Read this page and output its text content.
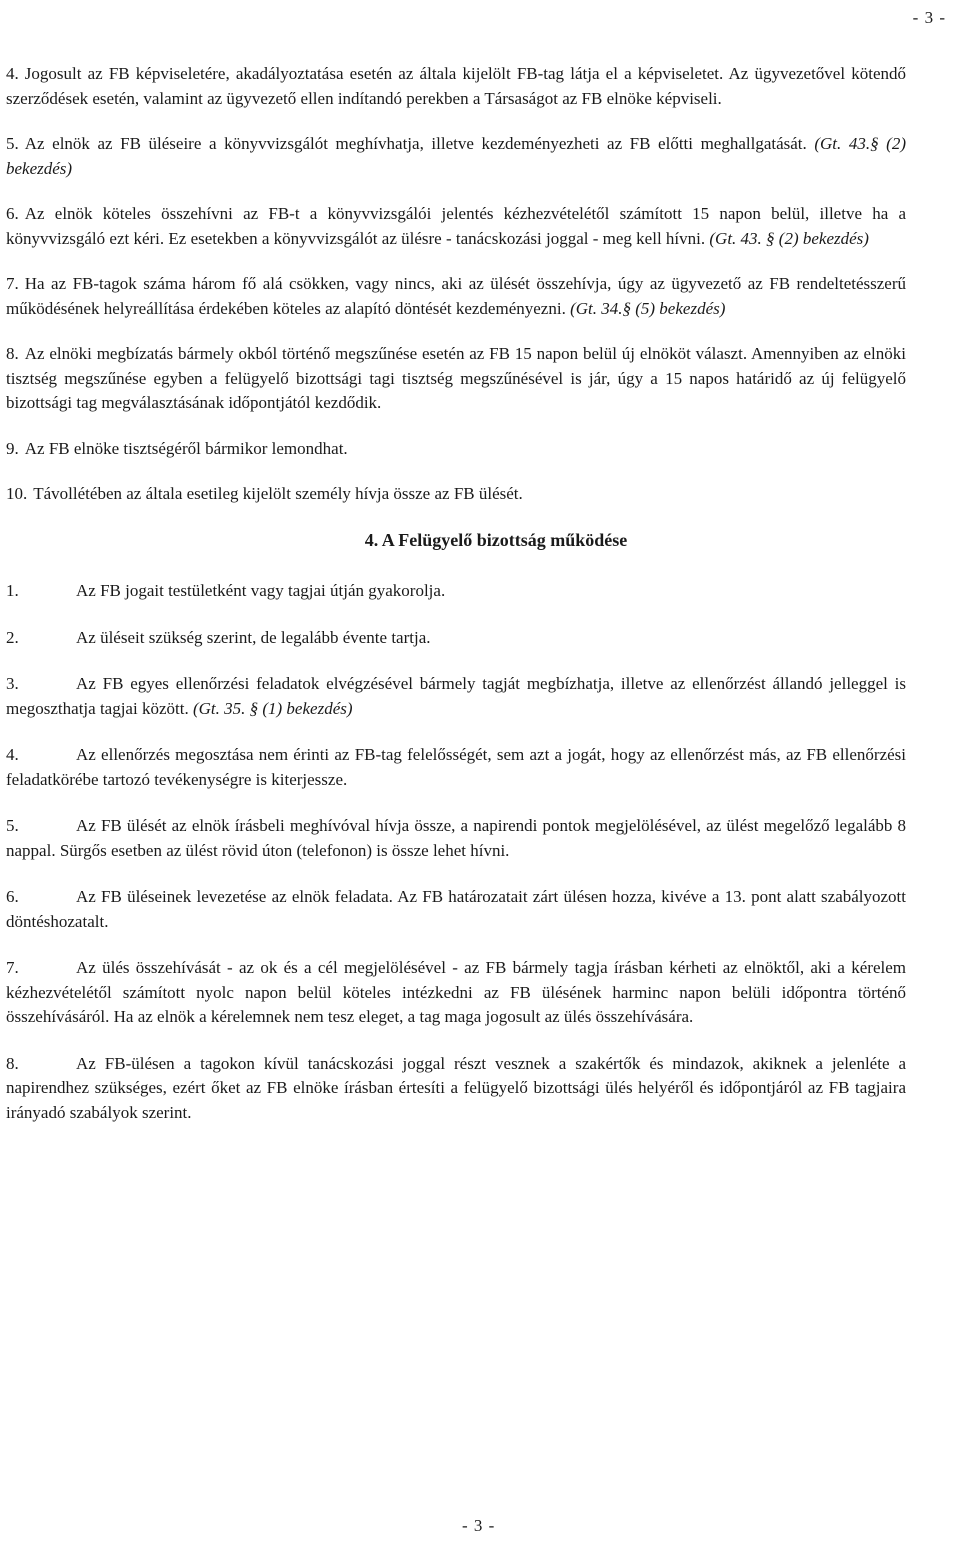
- 3 -
4. Jogosult az FB képviseletére, akadályoztatása esetén az általa kijelölt FB-tag látja el a képviseletet. Az ügyvezetővel kötendő szerződések esetén, valamint az ügyvezető ellen indítandó perekben a Társaságot az FB elnöke képviseli.
5. Az elnök az FB üléseire a könyvvizsgálót meghívhatja, illetve kezdeményezheti az FB előtti meghallgatását. (Gt. 43.§ (2) bekezdés)
6. Az elnök köteles összehívni az FB-t a könyvvizsgálói jelentés kézhezvételétől számított 15 napon belül, illetve ha a könyvvizsgáló ezt kéri. Ez esetekben a könyvvizsgálót az ülésre - tanácskozási joggal - meg kell hívni. (Gt. 43. § (2) bekezdés)
7. Ha az FB-tagok száma három fő alá csökken, vagy nincs, aki az ülését összehívja, úgy az ügyvezető az FB rendeltetésszerű működésének helyreállítása érdekében köteles az alapító döntését kezdeményezni. (Gt. 34.§ (5) bekezdés)
8. Az elnöki megbízatás bármely okból történő megszűnése esetén az FB 15 napon belül új elnököt választ. Amennyiben az elnöki tisztség megszűnése egyben a felügyelő bizottsági tagi tisztség megszűnésével is jár, úgy a 15 napos határidő az új felügyelő bizottsági tag megválasztásának időpontjától kezdődik.
9. Az FB elnöke tisztségéről bármikor lemondhat.
10. Távollétében az általa esetileg kijelölt személy hívja össze az FB ülését.
4. A Felügyelő bizottság működése
1.	Az FB jogait testületként vagy tagjai útján gyakorolja.
2.	Az üléseit szükség szerint, de legalább évente tartja.
3.	Az FB egyes ellenőrzési feladatok elvégzésével bármely tagját megbízhatja, illetve az ellenőrzést állandó jelleggel is megoszthatja tagjai között. (Gt. 35. § (1) bekezdés)
4.	Az ellenőrzés megosztása nem érinti az FB-tag felelősségét, sem azt a jogát, hogy az ellenőrzést más, az FB ellenőrzési feladatkörébe tartozó tevékenységre is kiterjessze.
5.	Az FB ülését az elnök írásbeli meghívóval hívja össze, a napirendi pontok megjelölésével, az ülést megelőző legalább 8 nappal. Sürgős esetben az ülést rövid úton (telefonon) is össze lehet hívni.
6.	Az FB üléseinek levezetése az elnök feladata. Az FB határozatait zárt ülésen hozza, kivéve a 13. pont alatt szabályozott döntéshozatalt.
7.	Az ülés összehívását - az ok és a cél megjelölésével - az FB bármely tagja írásban kérheti az elnöktől, aki a kérelem kézhezvételétől számított nyolc napon belül köteles intézkedni az FB ülésének harminc napon belüli időpontra történő összehívásáról. Ha az elnök a kérelemnek nem tesz eleget, a tag maga jogosult az ülés összehívására.
8.	Az FB-ülésen a tagokon kívül tanácskozási joggal részt vesznek a szakértők és mindazok, akiknek a jelenléte a napirendhez szükséges, ezért őket az FB elnöke írásban értesíti a felügyelő bizottsági ülés helyéről és időpontjáról az FB tagjaira irányadó szabályok szerint.
- 3 -
